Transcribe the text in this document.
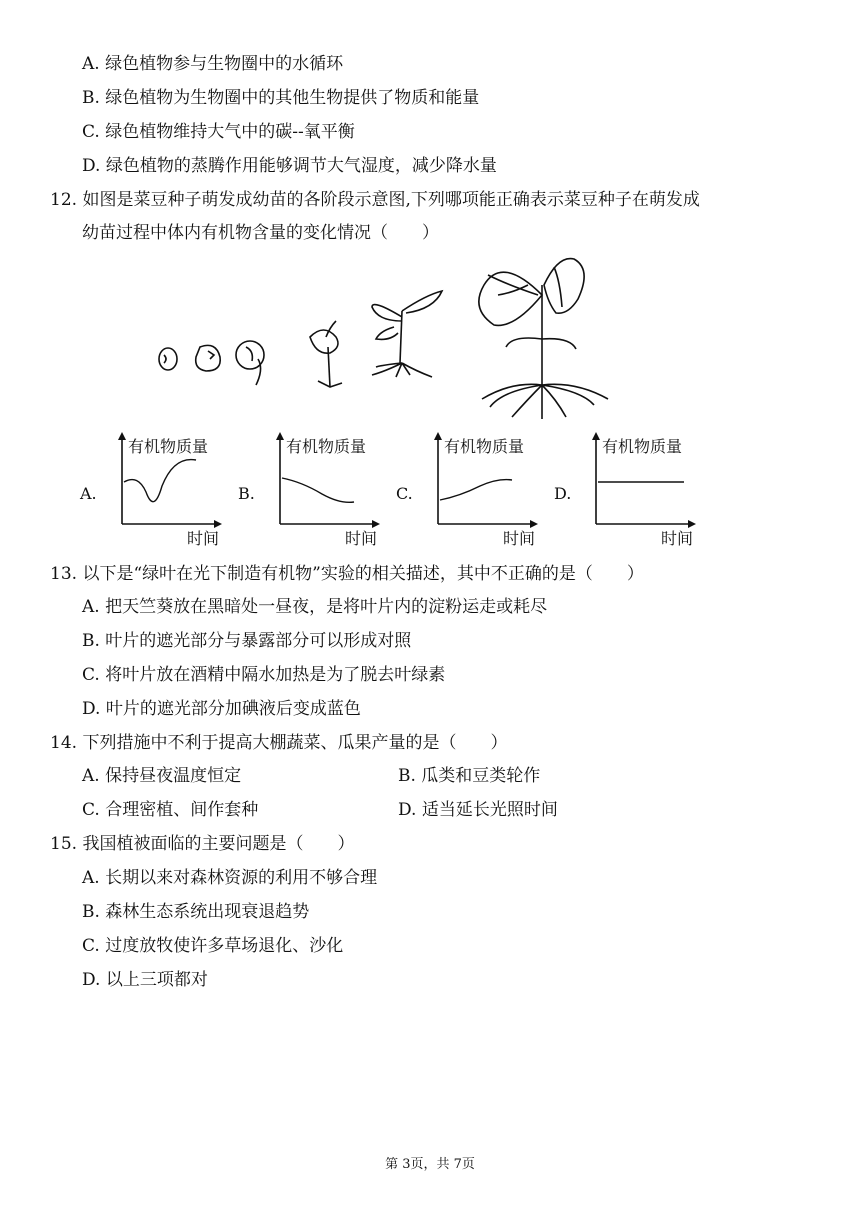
A. 绿色植物参与生物圈中的水循环
B. 绿色植物为生物圈中的其他生物提供了物质和能量
C. 绿色植物维持大气中的碳--氧平衡
D. 绿色植物的蒸腾作用能够调节大气湿度，减少降水量
12. 如图是菜豆种子萌发成幼苗的各阶段示意图,下列哪项能正确表示菜豆种子在萌发成
幼苗过程中体内有机物含量的变化情况（　　）
A.
有机物质量
时间
B.
有机物质量
时间
C.
有机物质量
时间
D.
有机物质量
时间
13. 以下是“绿叶在光下制造有机物”实验的相关描述，其中不正确的是（　　）
A. 把天竺葵放在黑暗处一昼夜，是将叶片内的淀粉运走或耗尽
B. 叶片的遮光部分与暴露部分可以形成对照
C. 将叶片放在酒精中隔水加热是为了脱去叶绿素
D. 叶片的遮光部分加碘液后变成蓝色
14. 下列措施中不利于提高大棚蔬菜、瓜果产量的是（　　）
A. 保持昼夜温度恒定	B. 瓜类和豆类轮作
C. 合理密植、间作套种	D. 适当延长光照时间
15. 我国植被面临的主要问题是（　　）
A. 长期以来对森林资源的利用不够合理
B. 森林生态系统出现衰退趋势
C. 过度放牧使许多草场退化、沙化
D. 以上三项都对
第 3页，共 7页
